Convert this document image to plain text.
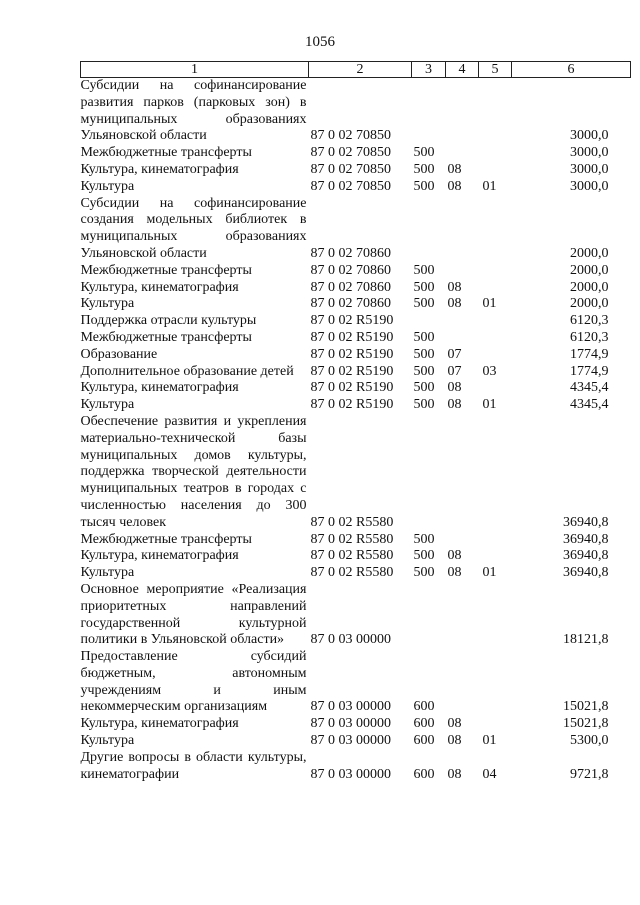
1056
1	2	3	4	5	6
Субсидии на софинансирование развития парков (парковых зон) в муниципальных образованиях Ульяновской области	87 0 02 70850				3000,0
Межбюджетные трансферты	87 0 02 70850	500			3000,0
Культура, кинематография	87 0 02 70850	500	08		3000,0
Культура	87 0 02 70850	500	08	01	3000,0
Субсидии на софинансирование создания модельных библиотек в муниципальных образованиях Ульяновской области	87 0 02 70860				2000,0
Межбюджетные трансферты	87 0 02 70860	500			2000,0
Культура, кинематография	87 0 02 70860	500	08		2000,0
Культура	87 0 02 70860	500	08	01	2000,0
Поддержка отрасли культуры	87 0 02 R5190				6120,3
Межбюджетные трансферты	87 0 02 R5190	500			6120,3
Образование	87 0 02 R5190	500	07		1774,9
Дополнительное образование детей	87 0 02 R5190	500	07	03	1774,9
Культура, кинематография	87 0 02 R5190	500	08		4345,4
Культура	87 0 02 R5190	500	08	01	4345,4
Обеспечение развития и укрепления материально-технической базы муниципальных домов культуры, поддержка творческой деятельности муниципальных театров в городах с численностью населения до 300 тысяч человек	87 0 02 R5580				36940,8
Межбюджетные трансферты	87 0 02 R5580	500			36940,8
Культура, кинематография	87 0 02 R5580	500	08		36940,8
Культура	87 0 02 R5580	500	08	01	36940,8
Основное мероприятие «Реализация приоритетных направлений государственной культурной политики в Ульяновской области»	87 0 03 00000				18121,8
Предоставление субсидий бюджетным, автономным учреждениям и иным некоммерческим организациям	87 0 03 00000	600			15021,8
Культура, кинематография	87 0 03 00000	600	08		15021,8
Культура	87 0 03 00000	600	08	01	5300,0
Другие вопросы в области культуры, кинематографии	87 0 03 00000	600	08	04	9721,8
